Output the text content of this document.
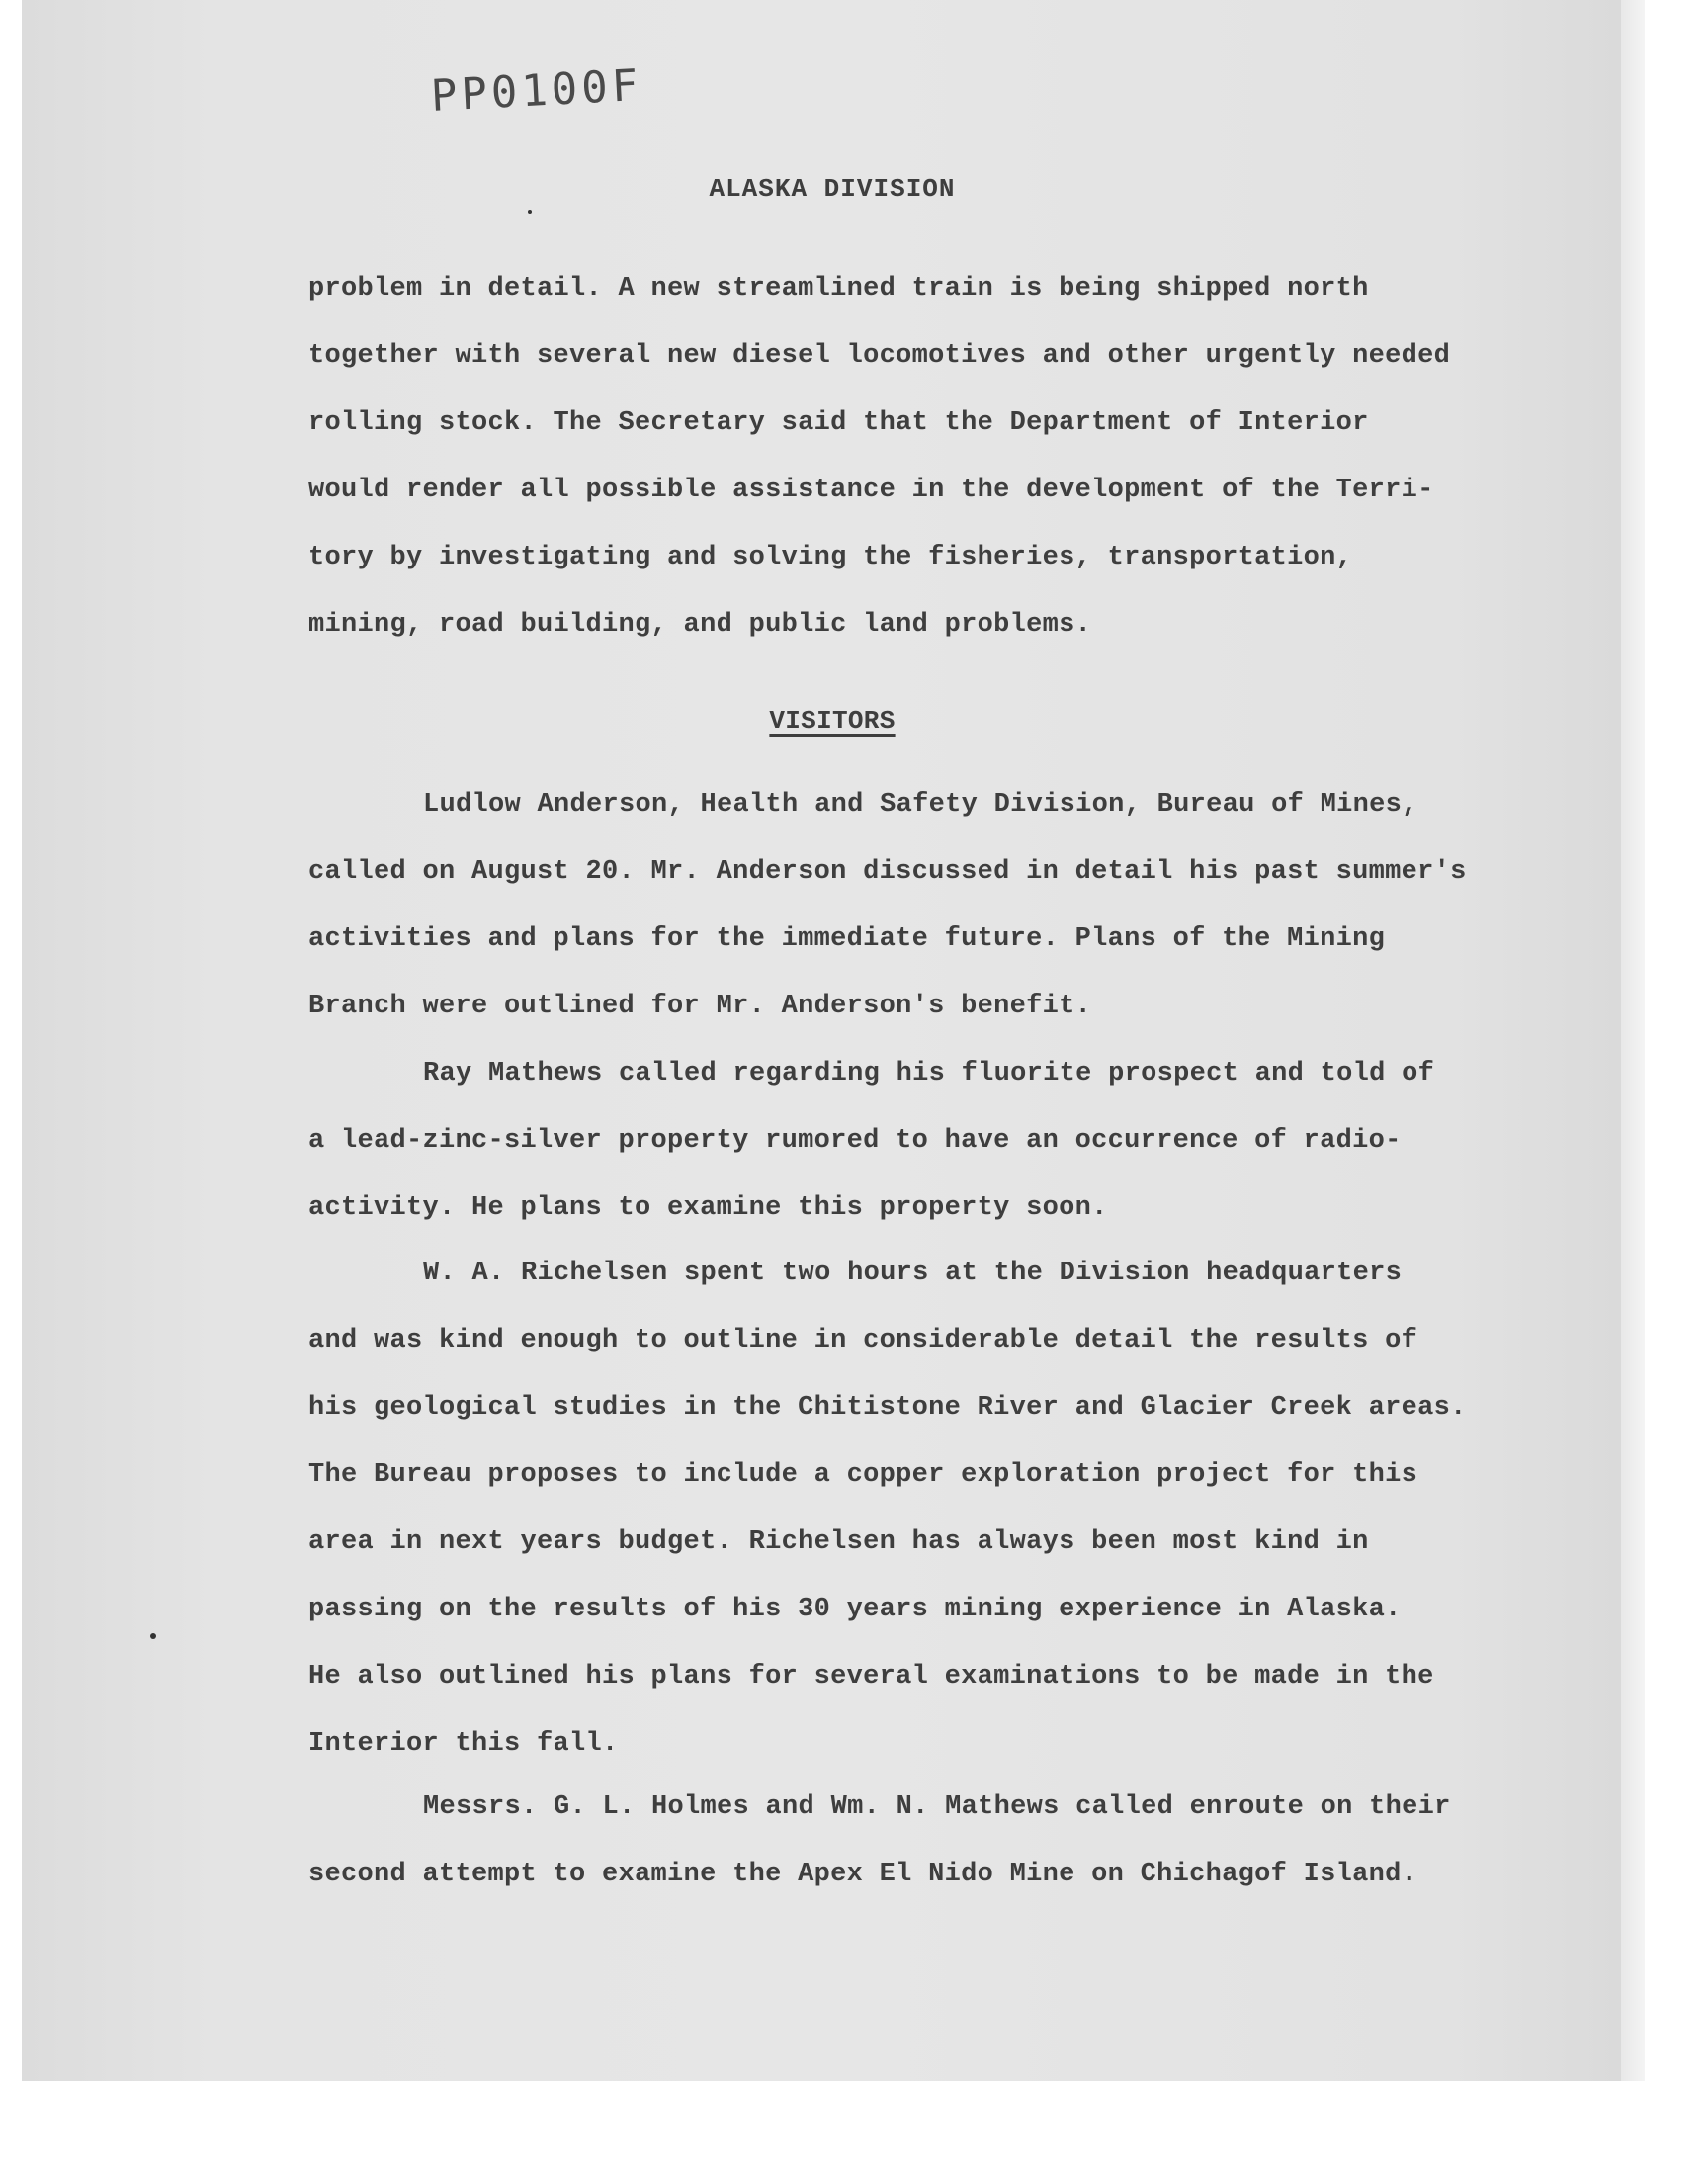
PP0100F
ALASKA DIVISION
problem in detail. A new streamlined train is being shipped north
together with several new diesel locomotives and other urgently needed
rolling stock. The Secretary said that the Department of Interior
would render all possible assistance in the development of the Terri-
tory by investigating and solving the fisheries, transportation,
mining, road building, and public land problems.
VISITORS
Ludlow Anderson, Health and Safety Division, Bureau of Mines,
called on August 20. Mr. Anderson discussed in detail his past summer's
activities and plans for the immediate future. Plans of the Mining
Branch were outlined for Mr. Anderson's benefit.
Ray Mathews called regarding his fluorite prospect and told of
a lead-zinc-silver property rumored to have an occurrence of radio-
activity. He plans to examine this property soon.
W. A. Richelsen spent two hours at the Division headquarters
and was kind enough to outline in considerable detail the results of
his geological studies in the Chitistone River and Glacier Creek areas.
The Bureau proposes to include a copper exploration project for this
area in next years budget. Richelsen has always been most kind in
passing on the results of his 30 years mining experience in Alaska.
He also outlined his plans for several examinations to be made in the
Interior this fall.
Messrs. G. L. Holmes and Wm. N. Mathews called enroute on their
second attempt to examine the Apex El Nido Mine on Chichagof Island.
